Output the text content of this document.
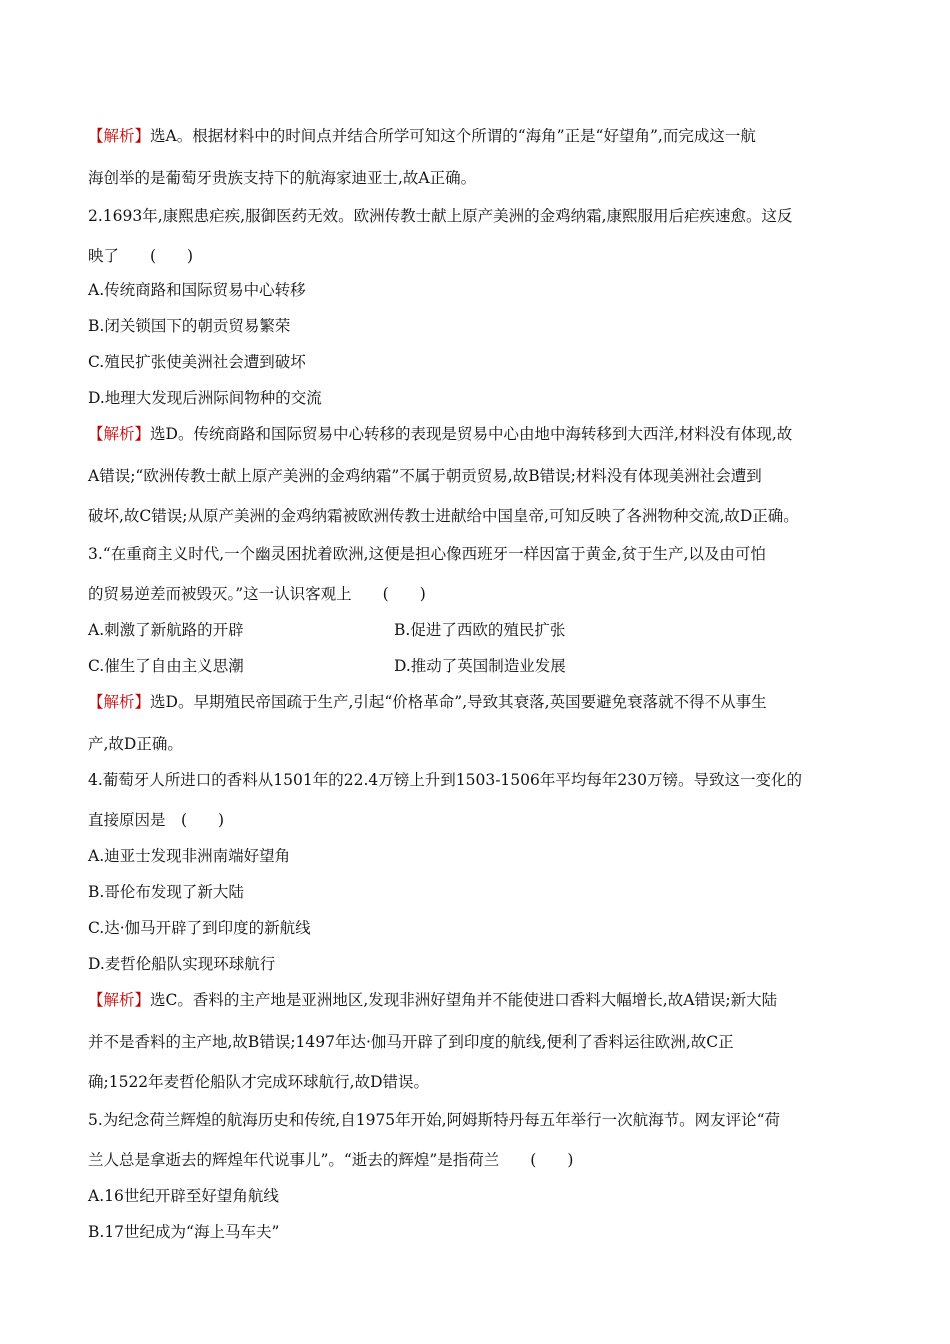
【解析】选A。根据材料中的时间点并结合所学可知这个所谓的“海角”正是“好望角”,而完成这一航
海创举的是葡萄牙贵族支持下的航海家迪亚士,故A正确。
2.1693年,康熙患疟疾,服御医药无效。欧洲传教士献上原产美洲的金鸡纳霜,康熙服用后疟疾速愈。这反
映了　　(　　)
A.传统商路和国际贸易中心转移
B.闭关锁国下的朝贡贸易繁荣
C.殖民扩张使美洲社会遭到破坏
D.地理大发现后洲际间物种的交流
【解析】选D。传统商路和国际贸易中心转移的表现是贸易中心由地中海转移到大西洋,材料没有体现,故
A错误;“欧洲传教士献上原产美洲的金鸡纳霜”不属于朝贡贸易,故B错误;材料没有体现美洲社会遭到
破坏,故C错误;从原产美洲的金鸡纳霜被欧洲传教士进献给中国皇帝,可知反映了各洲物种交流,故D正确。
3.“在重商主义时代,一个幽灵困扰着欧洲,这便是担心像西班牙一样因富于黄金,贫于生产,以及由可怕
的贸易逆差而被毁灭。”这一认识客观上　　(　　)
A.刺激了新航路的开辟	B.促进了西欧的殖民扩张
C.催生了自由主义思潮	D.推动了英国制造业发展
【解析】选D。早期殖民帝国疏于生产,引起“价格革命”,导致其衰落,英国要避免衰落就不得不从事生
产,故D正确。
4.葡萄牙人所进口的香料从1501年的22.4万镑上升到1503-1506年平均每年230万镑。导致这一变化的
直接原因是　(　　)
A.迪亚士发现非洲南端好望角
B.哥伦布发现了新大陆
C.达·伽马开辟了到印度的新航线
D.麦哲伦船队实现环球航行
【解析】选C。香料的主产地是亚洲地区,发现非洲好望角并不能使进口香料大幅增长,故A错误;新大陆
并不是香料的主产地,故B错误;1497年达·伽马开辟了到印度的航线,便利了香料运往欧洲,故C正
确;1522年麦哲伦船队才完成环球航行,故D错误。
5.为纪念荷兰辉煌的航海历史和传统,自1975年开始,阿姆斯特丹每五年举行一次航海节。网友评论“荷
兰人总是拿逝去的辉煌年代说事儿”。“逝去的辉煌”是指荷兰　　(　　)
A.16世纪开辟至好望角航线
B.17世纪成为“海上马车夫”
